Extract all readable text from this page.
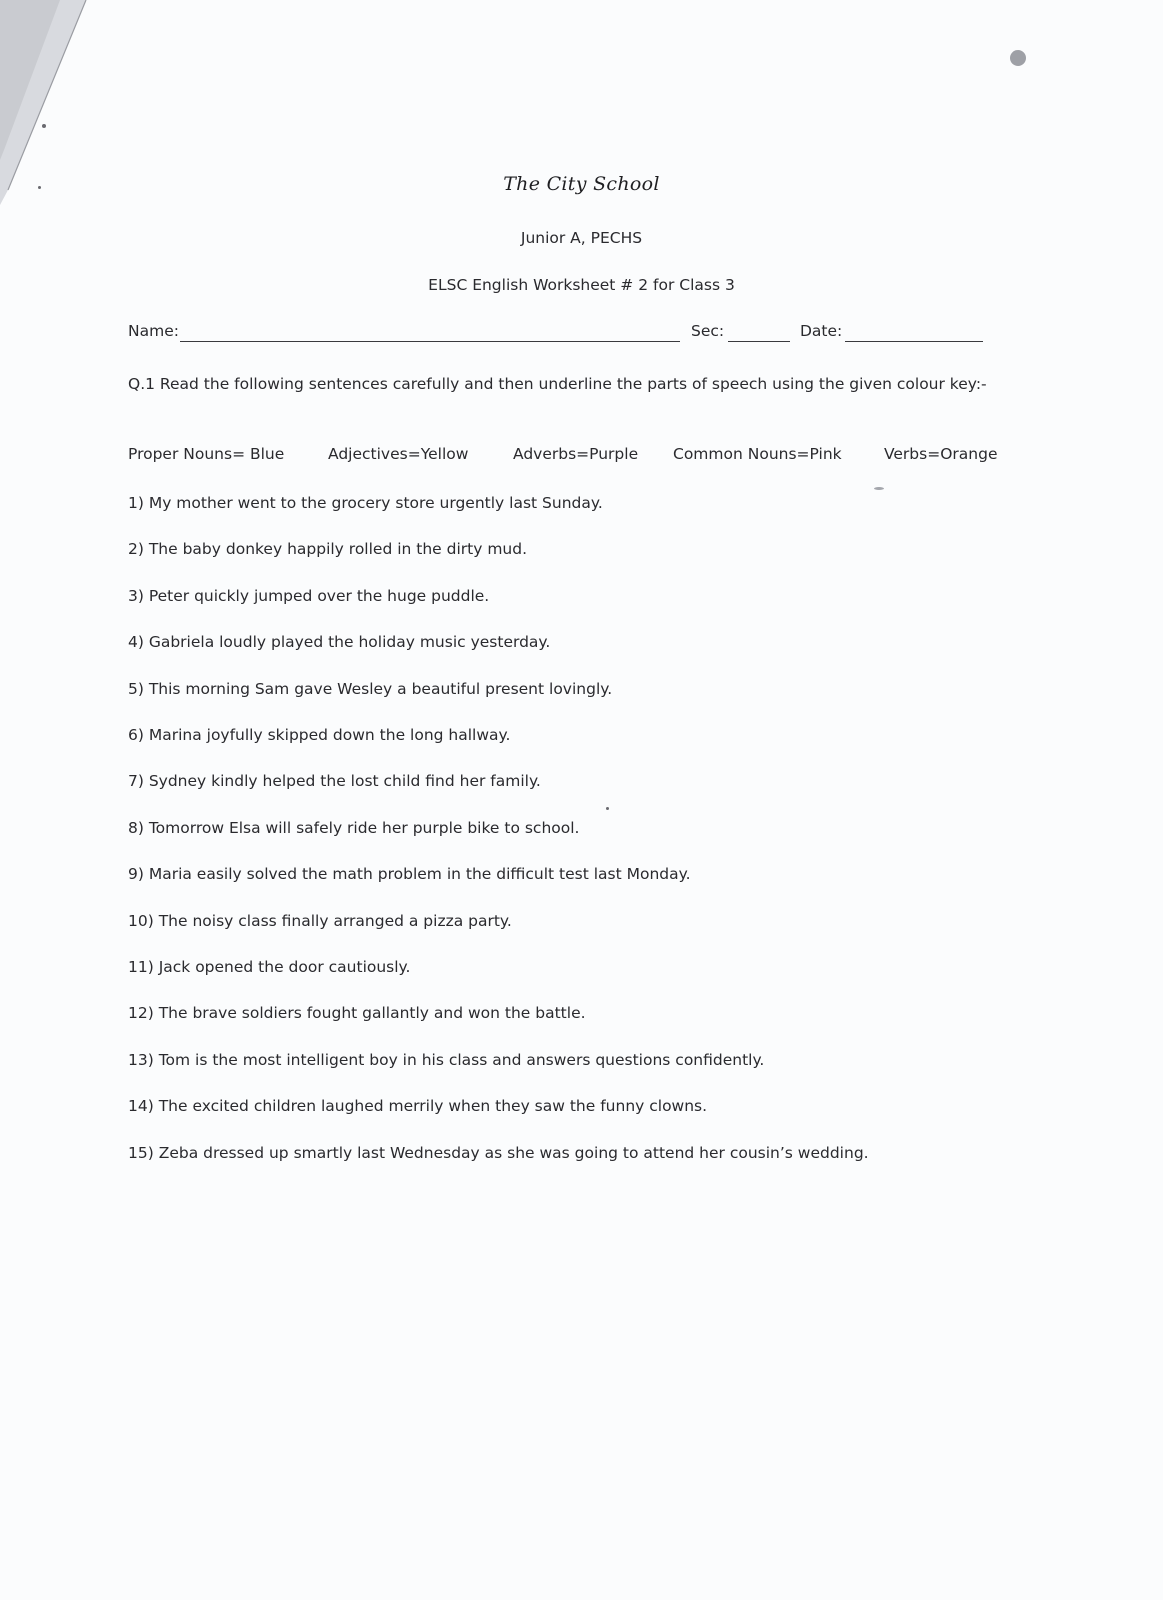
The City School
Junior A, PECHS
ELSC English Worksheet # 2 for Class 3
Name:	Sec:	Date:
Q.1 Read the following sentences carefully and then underline the parts of speech using the given colour key:-
Proper Nouns= Blue	Adjectives=Yellow	Adverbs=Purple Common Nouns=Pink	Verbs=Orange
1) My mother went to the grocery store urgently last Sunday.
2) The baby donkey happily rolled in the dirty mud.
3) Peter quickly jumped over the huge puddle.
4) Gabriela loudly played the holiday music yesterday.
5) This morning Sam gave Wesley a beautiful present lovingly.
6) Marina joyfully skipped down the long hallway.
7) Sydney kindly helped the lost child find her family.
8) Tomorrow Elsa will safely ride her purple bike to school.
9) Maria easily solved the math problem in the difficult test last Monday.
10) The noisy class finally arranged a pizza party.
11) Jack opened the door cautiously.
12) The brave soldiers fought gallantly and won the battle.
13) Tom is the most intelligent boy in his class and answers questions confidently.
14) The excited children laughed merrily when they saw the funny clowns.
15) Zeba dressed up smartly last Wednesday as she was going to attend her cousin’s wedding.
